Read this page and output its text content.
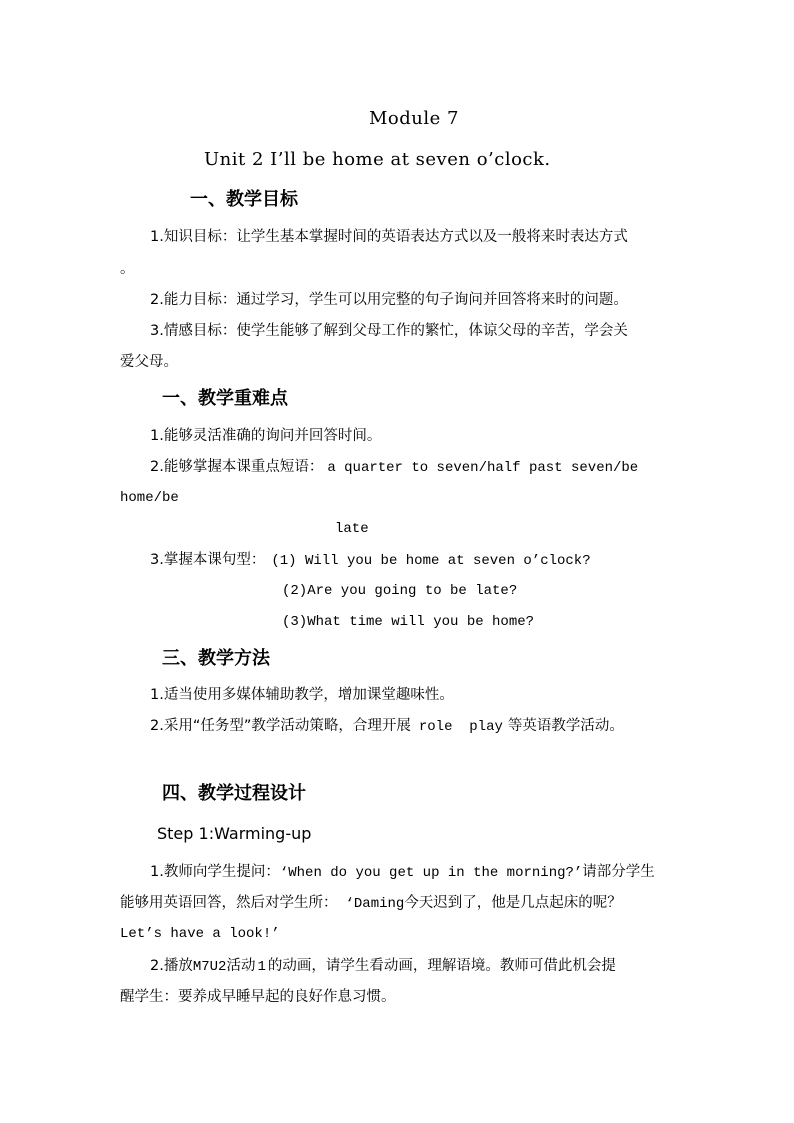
Module 7
Unit 2 I’ll be home at seven o’clock.
一、教学目标
1.知识目标：让学生基本掌握时间的英语表达方式以及一般将来时表达方式
。
2.能力目标：通过学习，学生可以用完整的句子询问并回答将来时的问题。
3.情感目标：使学生能够了解到父母工作的繁忙，体谅父母的辛苦，学会关
爱父母。
一、教学重难点
1.能够灵活准确的询问并回答时间。
2.能够掌握本课重点短语： a quarter to seven/half past seven/be
home/be
late
3.掌握本课句型： (1) Will you be home at seven o’clock?
(2)Are you going to be late?
(3)What time will you be home?
三、教学方法
1.适当使用多媒体辅助教学，增加课堂趣味性。
2.采用“任务型”教学活动策略，合理开展 role  play 等英语教学活动。
四、教学过程设计
Step 1:Warming-up
1.教师向学生提问：‘When do you get up in the morning?’请部分学生
能够用英语回答，然后对学生所： ‘Daming今天迟到了，他是几点起床的呢？
Let’s have a look!’
2.播放M7U2活动 1 的动画，请学生看动画，理解语境。教师可借此机会提
醒学生：要养成早睡早起的良好作息习惯。
